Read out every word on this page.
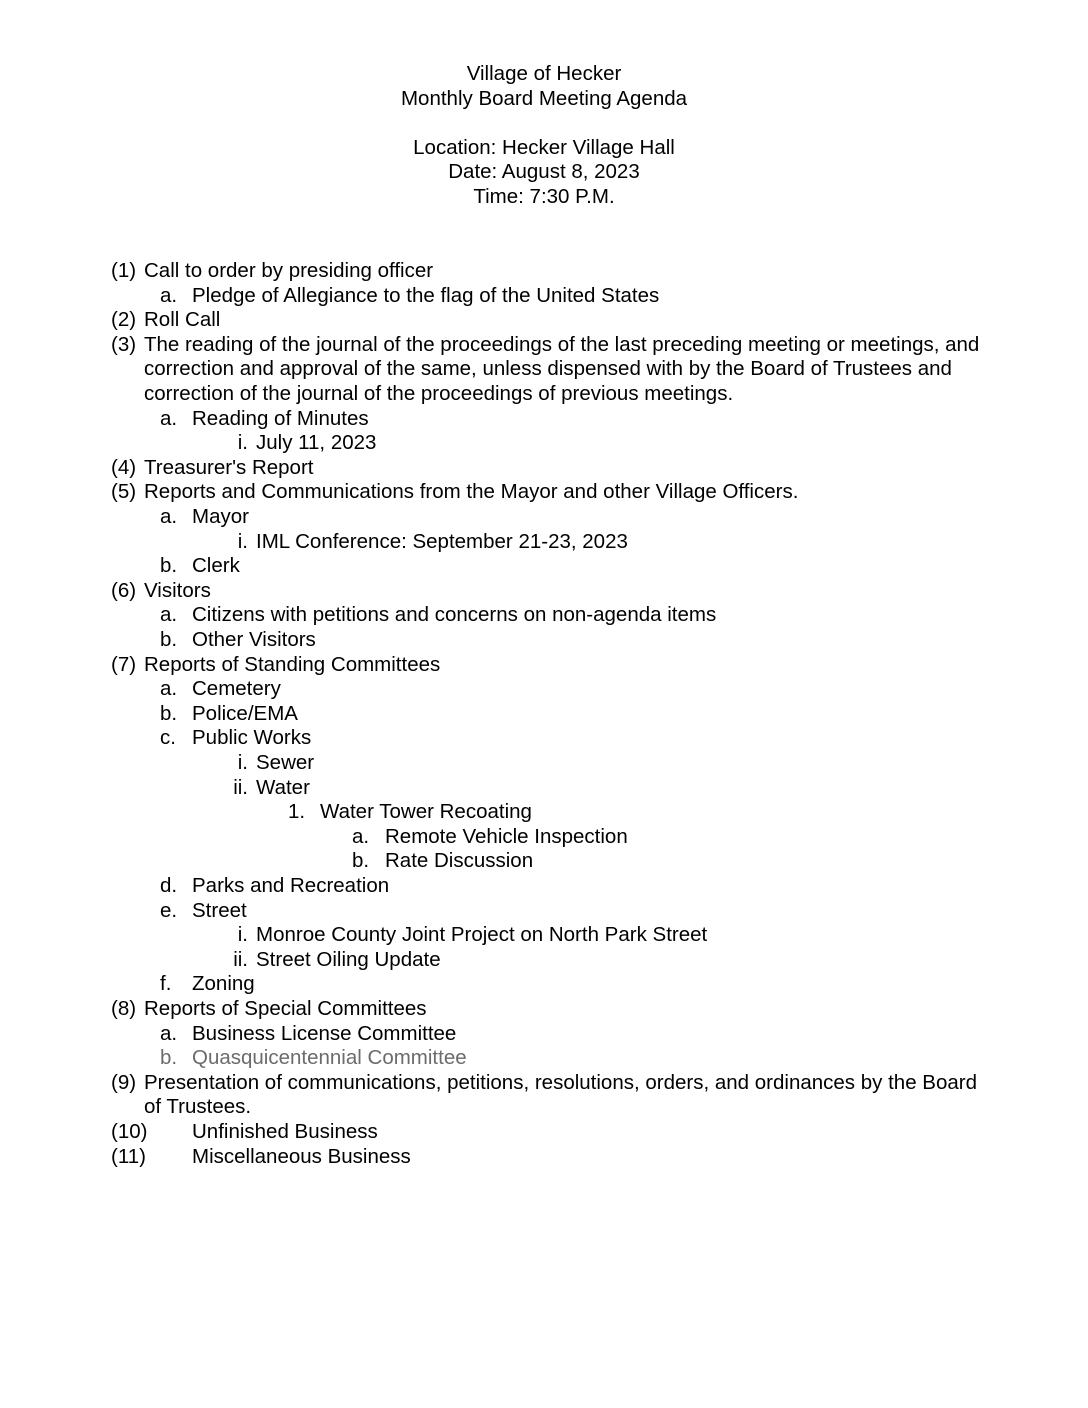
Village of Hecker
Monthly Board Meeting Agenda
Location: Hecker Village Hall
Date: August 8, 2023
Time: 7:30 P.M.
(1) Call to order by presiding officer
a. Pledge of Allegiance to the flag of the United States
(2) Roll Call
(3) The reading of the journal of the proceedings of the last preceding meeting or meetings, and
correction and approval of the same, unless dispensed with by the Board of Trustees and
correction of the journal of the proceedings of previous meetings.
a. Reading of Minutes
i. July 11, 2023
(4) Treasurer's Report
(5) Reports and Communications from the Mayor and other Village Officers.
a. Mayor
i. IML Conference: September 21-23, 2023
b. Clerk
(6) Visitors
a. Citizens with petitions and concerns on non-agenda items
b. Other Visitors
(7) Reports of Standing Committees
a. Cemetery
b. Police/EMA
c. Public Works
i. Sewer
ii. Water
1. Water Tower Recoating
a. Remote Vehicle Inspection
b. Rate Discussion
d. Parks and Recreation
e. Street
i. Monroe County Joint Project on North Park Street
ii. Street Oiling Update
f. Zoning
(8) Reports of Special Committees
a. Business License Committee
b. Quasquicentennial Committee
(9) Presentation of communications, petitions, resolutions, orders, and ordinances by the Board
of Trustees.
(10) Unfinished Business
(11) Miscellaneous Business
